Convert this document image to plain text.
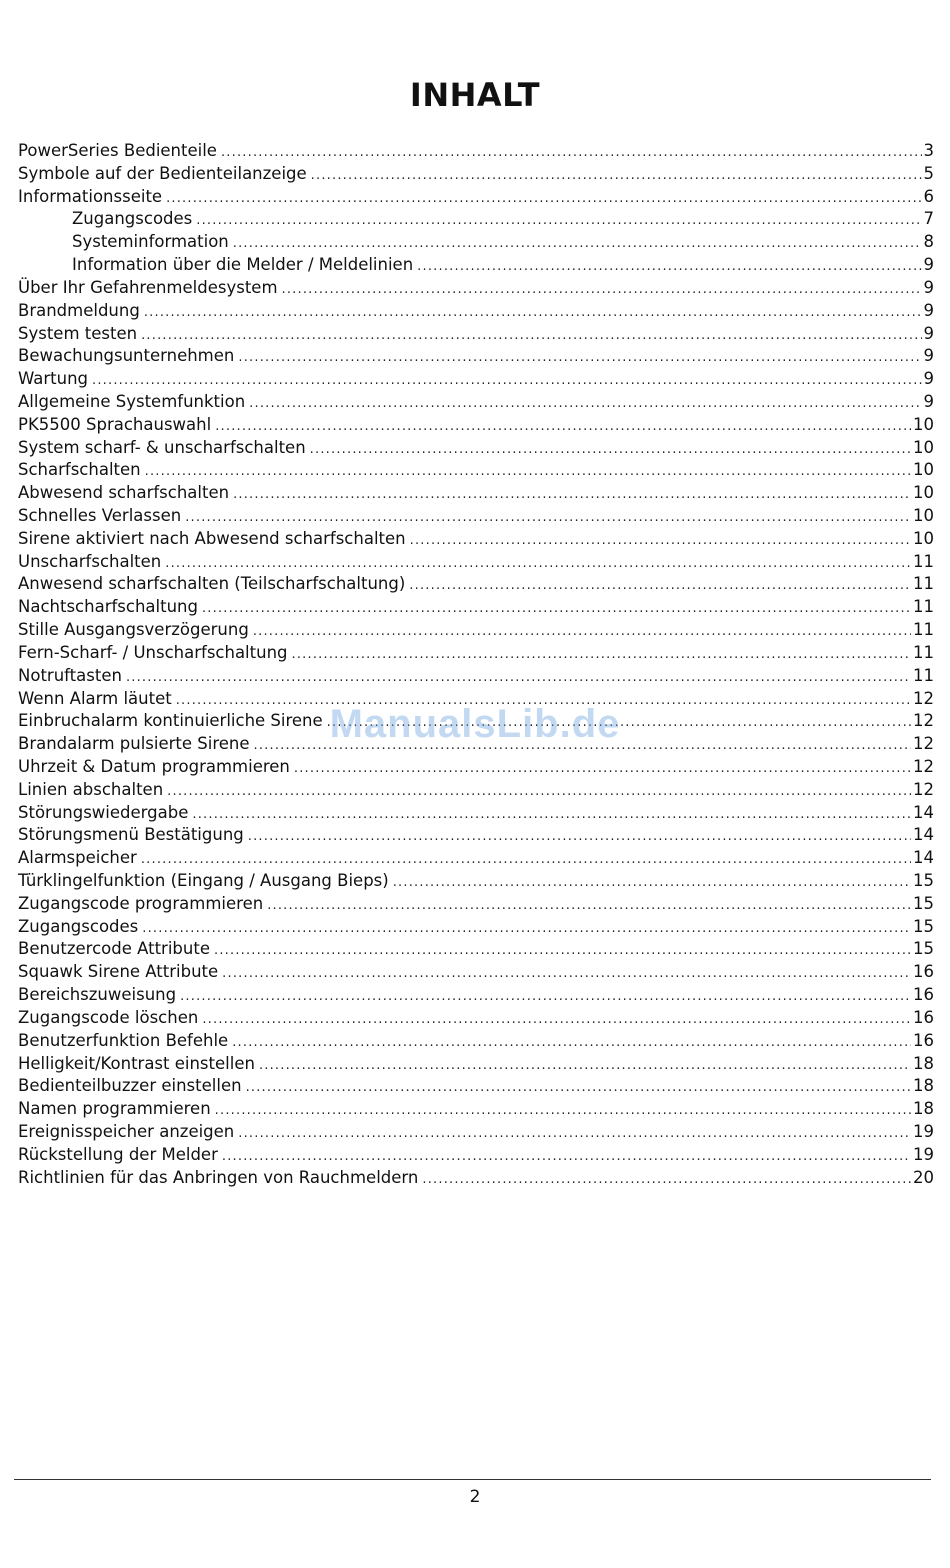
INHALT
PowerSeries Bedienteile .....	3
Symbole auf der Bedienteilanzeige .....	5
Informationsseite .....	6
Zugangscodes .....	7
Systeminformation .....	8
Information über die Melder / Meldelinien .....	9
Über Ihr Gefahrenmeldesystem .....	9
Brandmeldung .....	9
System testen .....	9
Bewachungsunternehmen .....	9
Wartung .....	9
Allgemeine Systemfunktion .....	9
PK5500 Sprachauswahl .....	10
System scharf- & unscharfschalten .....	10
Scharfschalten .....	10
Abwesend scharfschalten .....	10
Schnelles Verlassen .....	10
Sirene aktiviert nach Abwesend scharfschalten .....	10
Unscharfschalten .....	11
Anwesend scharfschalten (Teilscharfschaltung) .....	11
Nachtscharfschaltung .....	11
Stille Ausgangsverzögerung .....	11
Fern-Scharf- / Unscharfschaltung .....	11
Notruftasten .....	11
Wenn Alarm läutet .....	12
Einbruchalarm kontinuierliche Sirene .....	12
Brandalarm pulsierte Sirene .....	12
Uhrzeit & Datum programmieren .....	12
Linien abschalten .....	12
Störungswiedergabe .....	14
Störungsmenü Bestätigung .....	14
Alarmspeicher .....	14
Türklingelfunktion (Eingang / Ausgang Bieps) .....	15
Zugangscode programmieren .....	15
Zugangscodes .....	15
Benutzercode Attribute .....	15
Squawk Sirene Attribute .....	16
Bereichszuweisung .....	16
Zugangscode löschen .....	16
Benutzerfunktion Befehle .....	16
Helligkeit/Kontrast einstellen .....	18
Bedienteilbuzzer einstellen .....	18
Namen programmieren .....	18
Ereignisspeicher anzeigen .....	19
Rückstellung der Melder .....	19
Richtlinien für das Anbringen von Rauchmeldern .....	20
ManualsLib.de
2
